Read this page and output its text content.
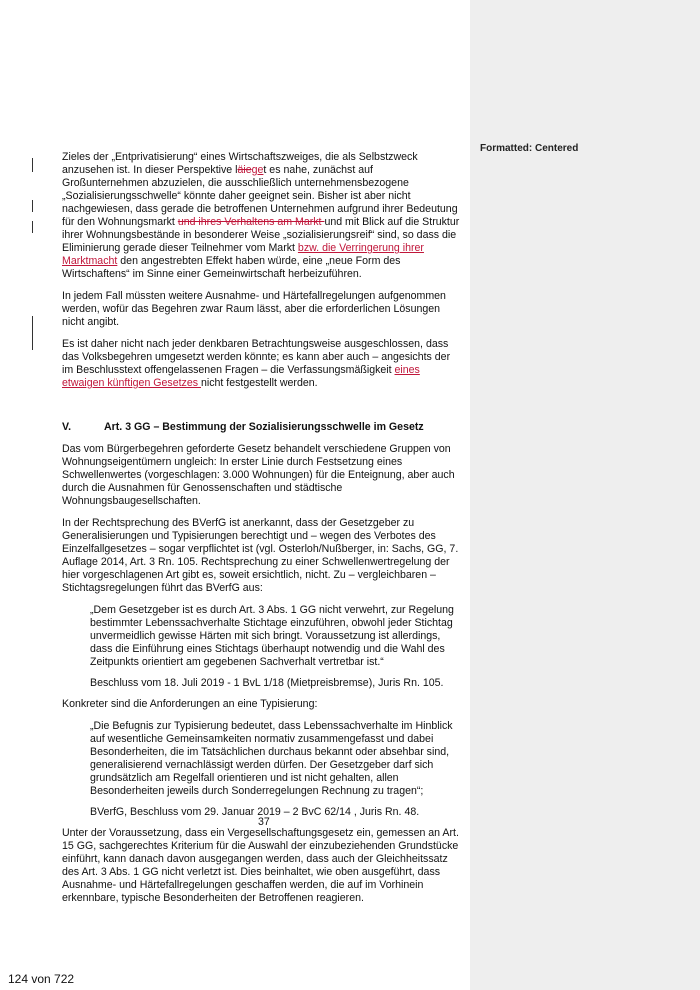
Formatted: Centered

Zieles der „Entprivatisierung“ eines Wirtschaftszweiges, die als Selbstzweck anzusehen ist. In dieser Perspektive läieget es nahe, zunächst auf Großunternehmen abzuzielen, die ausschließlich unternehmensbezogene „Sozialisierungsschwelle“ könnte daher geeignet sein. Bisher ist aber nicht nachgewiesen, dass gerade die betroffenen Unternehmen aufgrund ihrer Bedeutung für den Wohnungsmarkt und ihres Verhaltens am Markt und mit Blick auf die Struktur ihrer Wohnungsbestände in besonderer Weise „sozialisierungsreif“ sind, so dass die Eliminierung gerade dieser Teilnehmer vom Markt bzw. die Verringerung ihrer Marktmacht den angestrebten Effekt haben würde, eine „neue Form des Wirtschaftens“ im Sinne einer Gemeinwirtschaft herbeizuführen.

In jedem Fall müssten weitere Ausnahme- und Härtefallregelungen aufgenommen werden, wofür das Begehren zwar Raum lässt, aber die erforderlichen Lösungen nicht angibt.

Es ist daher nicht nach jeder denkbaren Betrachtungsweise ausgeschlossen, dass das Volksbegehren umgesetzt werden könnte; es kann aber auch – angesichts der im Beschlusstext offengelassenen Fragen – die Verfassungsmäßigkeit eines etwaigen künftigen Gesetzes nicht festgestellt werden.

V.	Art. 3 GG – Bestimmung der Sozialisierungsschwelle im Gesetz

Das vom Bürgerbegehren geforderte Gesetz behandelt verschiedene Gruppen von Wohnungseigentümern ungleich: In erster Linie durch Festsetzung eines Schwellenwertes (vorgeschlagen: 3.000 Wohnungen) für die Enteignung, aber auch durch die Ausnahmen für Genossenschaften und städtische Wohnungsbaugesellschaften.

In der Rechtsprechung des BVerfG ist anerkannt, dass der Gesetzgeber zu Generalisierungen und Typisierungen berechtigt und – wegen des Verbotes des Einzelfallgesetzes – sogar verpflichtet ist (vgl. Osterloh/Nußberger, in: Sachs, GG, 7. Auflage 2014, Art. 3 Rn. 105. Rechtsprechung zu einer Schwellenwertregelung der hier vorgeschlagenen Art gibt es, soweit ersichtlich, nicht. Zu – vergleichbaren – Stichtagsregelungen führt das BVerfG aus:

„Dem Gesetzgeber ist es durch Art. 3 Abs. 1 GG nicht verwehrt, zur Regelung bestimmter Lebenssachverhalte Stichtage einzuführen, obwohl jeder Stichtag unvermeidlich gewisse Härten mit sich bringt. Voraussetzung ist allerdings, dass die Einführung eines Stichtags überhaupt notwendig und die Wahl des Zeitpunkts orientiert am gegebenen Sachverhalt vertretbar ist.“

Beschluss vom 18. Juli 2019 - 1 BvL 1/18 (Mietpreisbremse), Juris Rn. 105.

Konkreter sind die Anforderungen an eine Typisierung:

„Die Befugnis zur Typisierung bedeutet, dass Lebenssachverhalte im Hinblick auf wesentliche Gemeinsamkeiten normativ zusammengefasst und dabei Besonderheiten, die im Tatsächlichen durchaus bekannt oder absehbar sind, generalisierend vernachlässigt werden dürfen. Der Gesetzgeber darf sich grundsätzlich am Regelfall orientieren und ist nicht gehalten, allen Besonderheiten jeweils durch Sonderregelungen Rechnung zu tragen“;

BVerfG, Beschluss vom 29. Januar 2019 – 2 BvC 62/14 , Juris Rn. 48.

Unter der Voraussetzung, dass ein Vergesellschaftungsgesetz ein, gemessen an Art. 15 GG, sachgerechtes Kriterium für die Auswahl der einzubeziehenden Grundstücke einführt, kann danach davon ausgegangen werden, dass auch der Gleichheitssatz des Art. 3 Abs. 1 GG nicht verletzt ist. Dies beinhaltet, wie oben ausgeführt, dass Ausnahme- und Härtefallregelungen geschaffen werden, die auf im Vorhinein erkennbare, typische Besonderheiten der Betroffenen reagieren.

37
124 von 722
